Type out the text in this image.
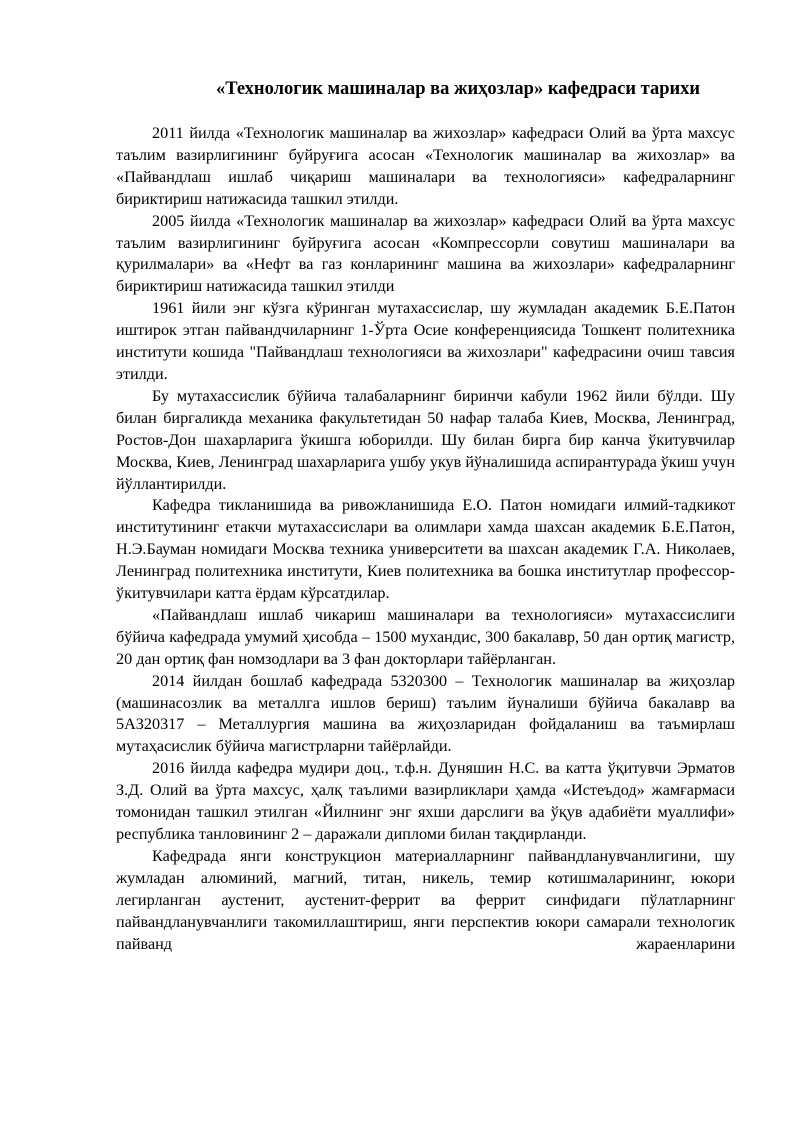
«Технологик машиналар ва жиҳозлар» кафедраси тарихи

2011 йилда «Технологик машиналар ва жихозлар» кафедраси Олий ва ўрта махсус таълим вазирлигининг буйруғига асосан «Технологик машиналар ва жихозлар» ва «Пайвандлаш ишлаб чиқариш машиналари ва технологияси» кафедраларнинг бириктириш натижасида ташкил этилди.

2005 йилда «Технологик машиналар ва жихозлар» кафедраси Олий ва ўрта махсус таълим вазирлигининг буйруғига асосан «Компрессорли совутиш машиналари ва қурилмалари» ва «Нефт ва газ конларининг машина ва жихозлари» кафедраларнинг бириктириш натижасида ташкил этилди

1961 йили энг кўзга кўринган мутахассислар, шу жумладан академик Б.Е.Патон иштирок этган пайвандчиларнинг 1-Ўрта Осие конференциясида Тошкент политехника институти кошида "Пайвандлаш технологияси ва жихозлари" кафедрасини очиш тавсия этилди.

Бу мутахассислик бўйича талабаларнинг биринчи кабули 1962 йили бўлди. Шу билан биргаликда механика факультетидан 50 нафар талаба Киев, Москва, Ленинград, Ростов-Дон шахарларига ўкишга юборилди. Шу билан бирга бир канча ўкитувчилар Москва, Киев, Ленинград шахарларига ушбу укув йўналишида аспирантурада ўкиш учун йўллантирилди.

Кафедра тикланишида ва ривожланишида Е.О. Патон номидаги илмий-тадкикот институтининг етакчи мутахассислари ва олимлари хамда шахсан академик Б.Е.Патон, Н.Э.Бауман номидаги Москва техника университети ва шахсан академик Г.А. Николаев, Ленинград политехника институти, Киев политехника ва бошка институтлар профессор-ўкитувчилари катта ёрдам кўрсатдилар.

«Пайвандлаш ишлаб чикариш машиналари ва технологияси» мутахассислиги бўйича кафедрада умумий ҳисобда – 1500 мухандис, 300 бакалавр, 50 дан ортиқ магистр, 20 дан ортиқ фан номзодлари ва 3 фан докторлари тайёрланган.

2014 йилдан бошлаб кафедрада 5320300 – Технологик машиналар ва жиҳозлар (машинасозлик ва металлга ишлов бериш) таълим йуналиши бўйича бакалавр ва 5А320317 – Металлургия машина ва жиҳозларидан фойдаланиш ва таъмирлаш мутаҳасислик бўйича магистрларни тайёрлайди.

2016 йилда кафедра мудири доц., т.ф.н. Дуняшин Н.С. ва катта ўқитувчи Эрматов З.Д. Олий ва ўрта махсус, ҳалқ таълими вазирликлари ҳамда «Истеъдод» жамғармаси томонидан ташкил этилган «Йилнинг энг яхши дарслиги ва ўқув адабиёти муаллифи» республика танловининг 2 – даражали дипломи билан тақдирланди.

Кафедрада янги конструкцион материалларнинг пайвандланувчанлигини, шу жумладан алюминий, магний, титан, никель, темир котишмаларининг, юкори легирланган аустенит, аустенит-феррит ва феррит синфидаги пўлатларнинг пайвандланувчанлиги такомиллаштириш, янги перспектив юкори самарали технологик пайванд жараенларини
